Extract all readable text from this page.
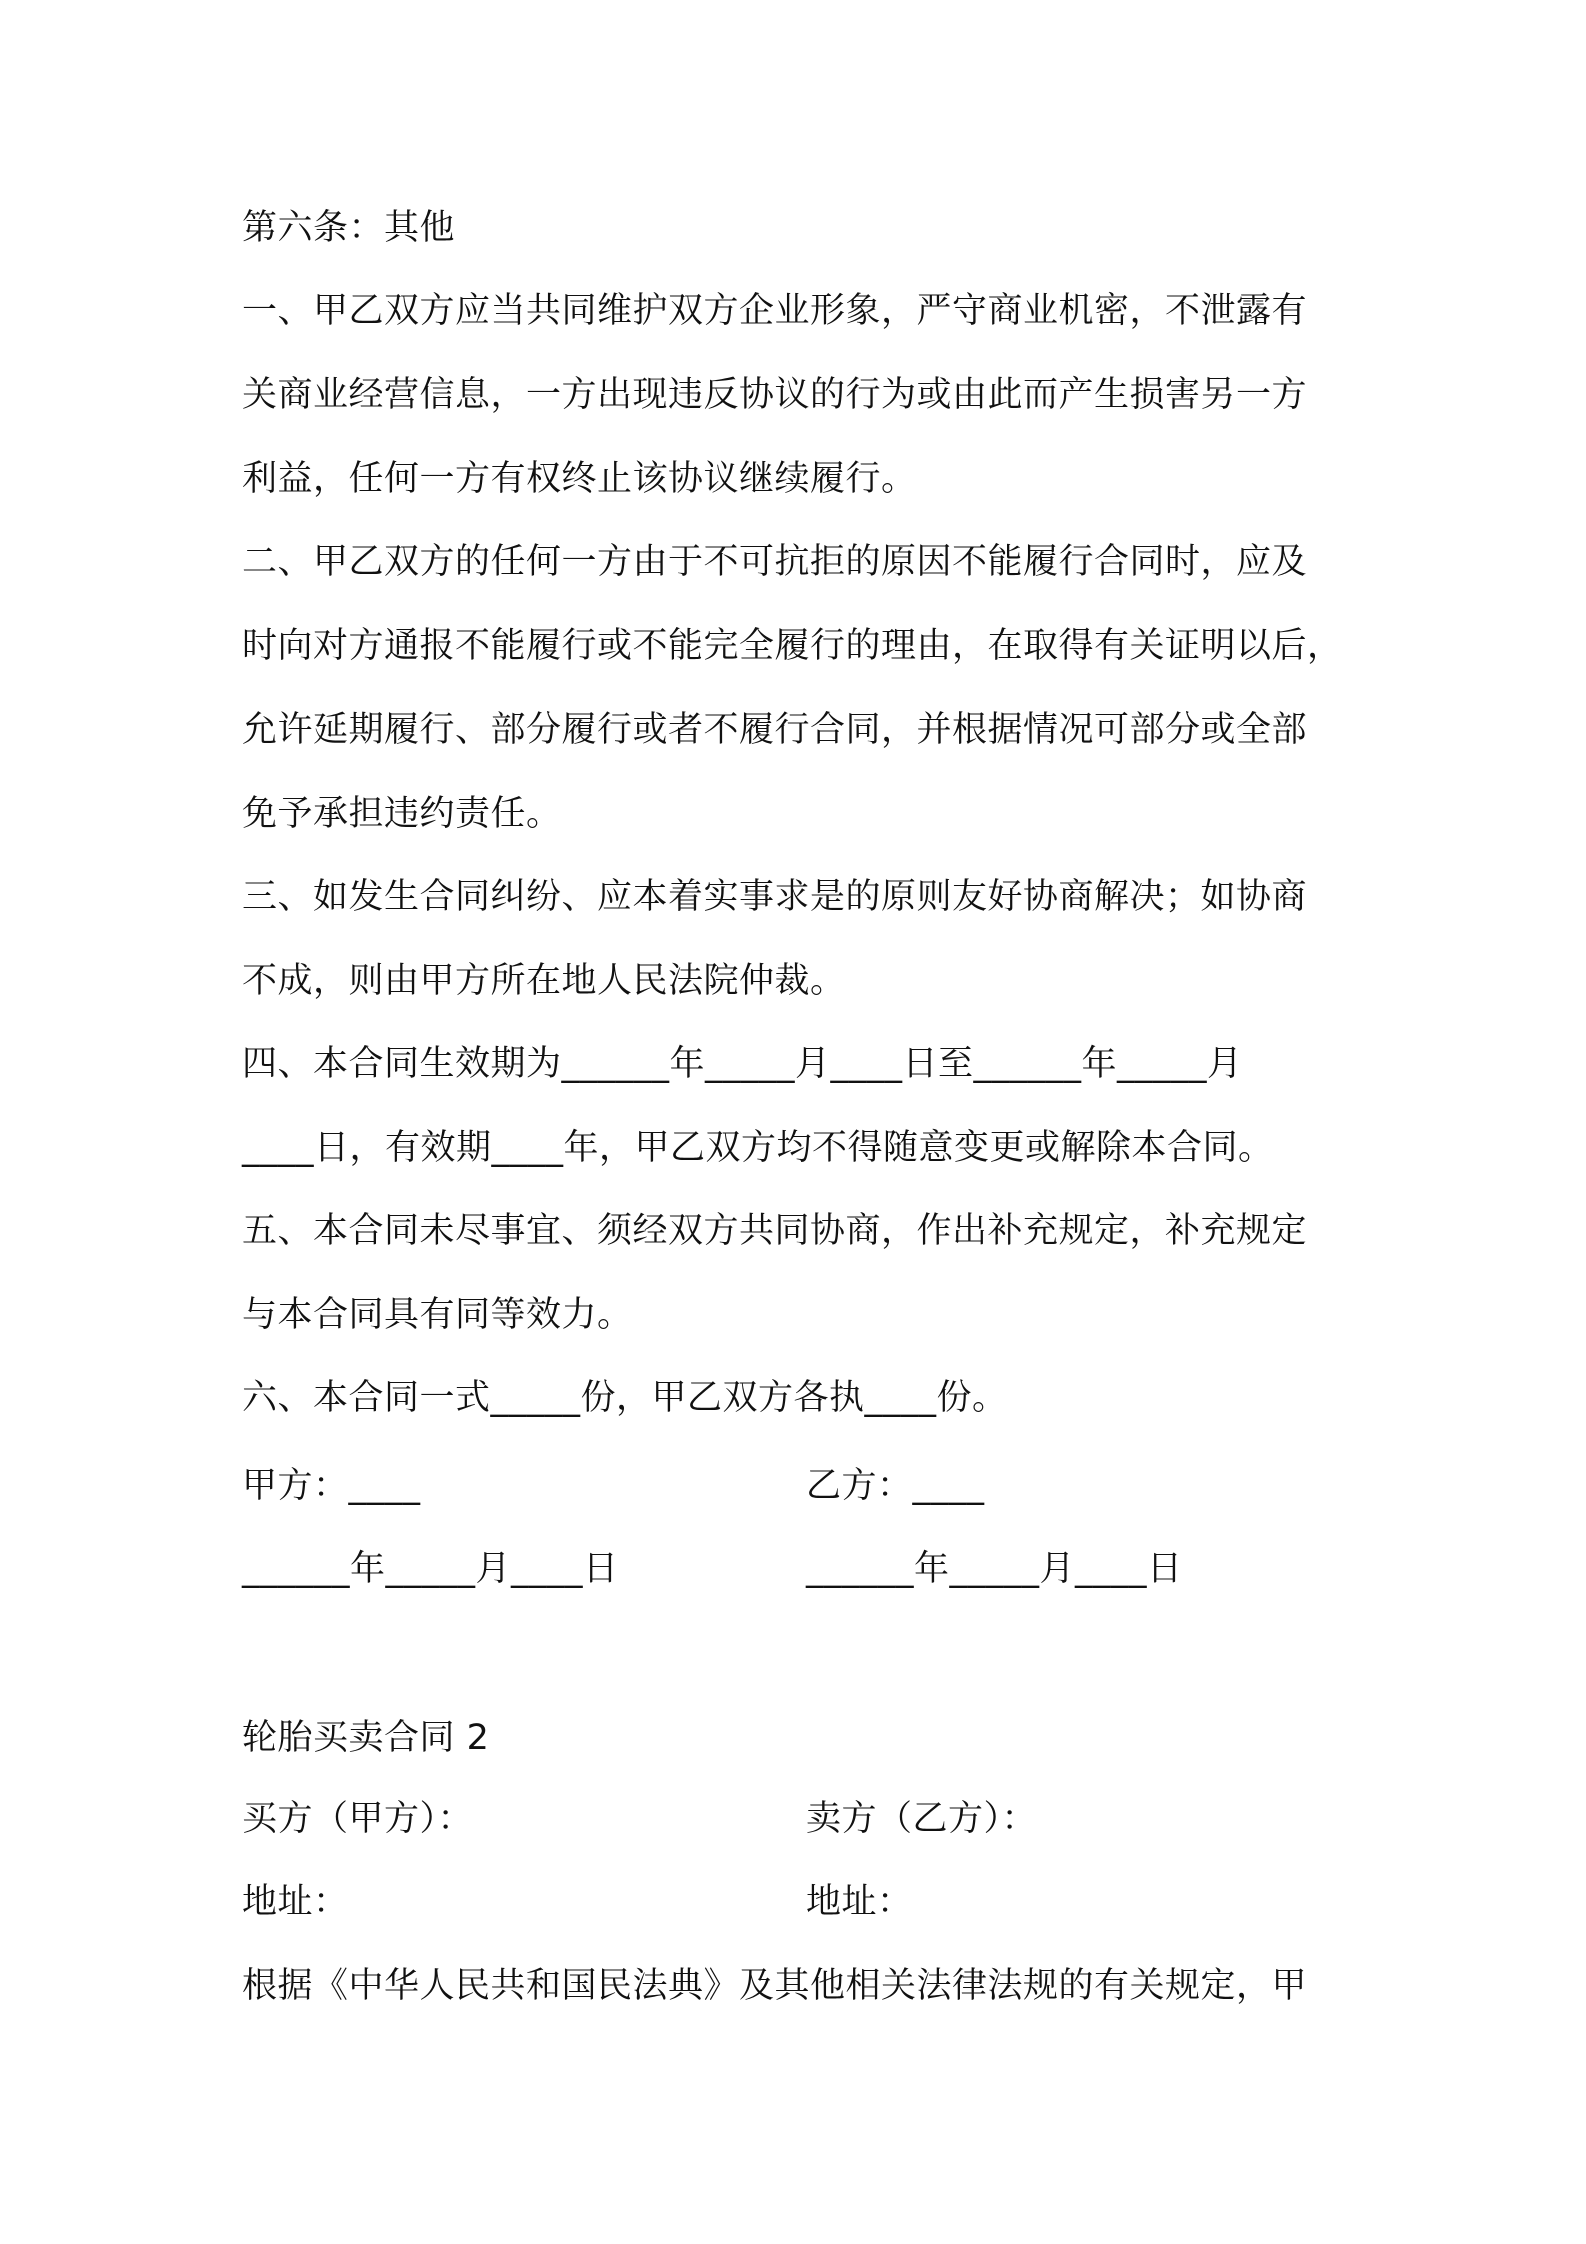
第六条：其他
一、甲乙双方应当共同维护双方企业形象，严守商业机密，不泄露有
关商业经营信息，一方出现违反协议的行为或由此而产生损害另一方
利益，任何一方有权终止该协议继续履行。
二、甲乙双方的任何一方由于不可抗拒的原因不能履行合同时，应及
时向对方通报不能履行或不能完全履行的理由，在取得有关证明以后，
允许延期履行、部分履行或者不履行合同，并根据情况可部分或全部
免予承担违约责任。
三、如发生合同纠纷、应本着实事求是的原则友好协商解决；如协商
不成，则由甲方所在地人民法院仲裁。
四、本合同生效期为______年_____月____日至______年_____月
____日，有效期____年，甲乙双方均不得随意变更或解除本合同。
五、本合同未尽事宜、须经双方共同协商，作出补充规定，补充规定
与本合同具有同等效力。
六、本合同一式_____份，甲乙双方各执____份。
甲方：____	乙方：____
______年_____月____日	______年_____月____日
轮胎买卖合同 2
买方（甲方）：	卖方（乙方）：
地址：	地址：
根据《中华人民共和国民法典》及其他相关法律法规的有关规定，甲
